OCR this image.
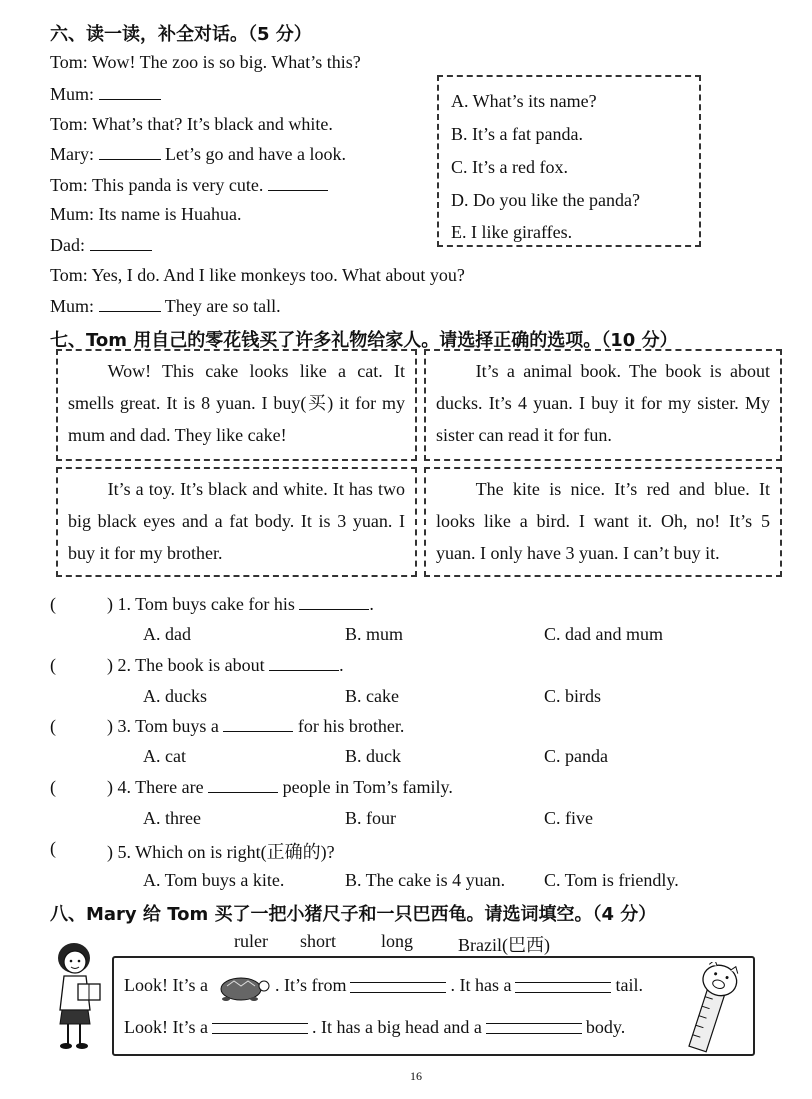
六、读一读，补全对话。（5 分）
Tom: Wow! The zoo is so big. What’s this?
Mum:
Tom: What’s that? It’s black and white.
Mary:	Let’s go and have a look.
Tom: This panda is very cute.
Mum: Its name is Huahua.
Dad:
Tom: Yes, I do. And I like monkeys too. What about you?
Mum:	They are so tall.
A. What’s its name?
B. It’s a fat panda.
C. It’s a red fox.
D. Do you like the panda?
E. I like giraffes.
七、Tom 用自己的零花钱买了许多礼物给家人。请选择正确的选项。（10 分）
Wow! This cake looks like a cat. It smells great. It is 8 yuan. I buy(买) it for my mum and dad. They like cake!
It’s a animal book. The book is about ducks. It’s 4 yuan. I buy it for my sister. My sister can read it for fun.
It’s a toy. It’s black and white. It has two big black eyes and a fat body. It is 3 yuan. I buy it for my brother.
The kite is nice. It’s red and blue. It looks like a bird. I want it. Oh, no! It’s 5 yuan. I only have 3 yuan. I can’t buy it.
(	) 1. Tom buys cake for his	.
A. dad	B. mum	C. dad and mum
(	) 2. The book is about	.
A. ducks	B. cake	C. birds
(	) 3. Tom buys a	for his brother.
A. cat	B. duck	C. panda
(	) 4. There are	people in Tom’s family.
A. three	B. four	C. five
(	) 5. Which on is right(正确的)?
A. Tom buys a kite.	B. The cake is 4 yuan. C. Tom is friendly.
八、Mary 给 Tom 买了一把小猪尺子和一只巴西龟。请选词填空。（4 分）
ruler short	long Brazil(巴西)
Look! It’s a	. It’s from	. It has a	tail.
Look! It’s a	. It has a big head and a	body.
16
